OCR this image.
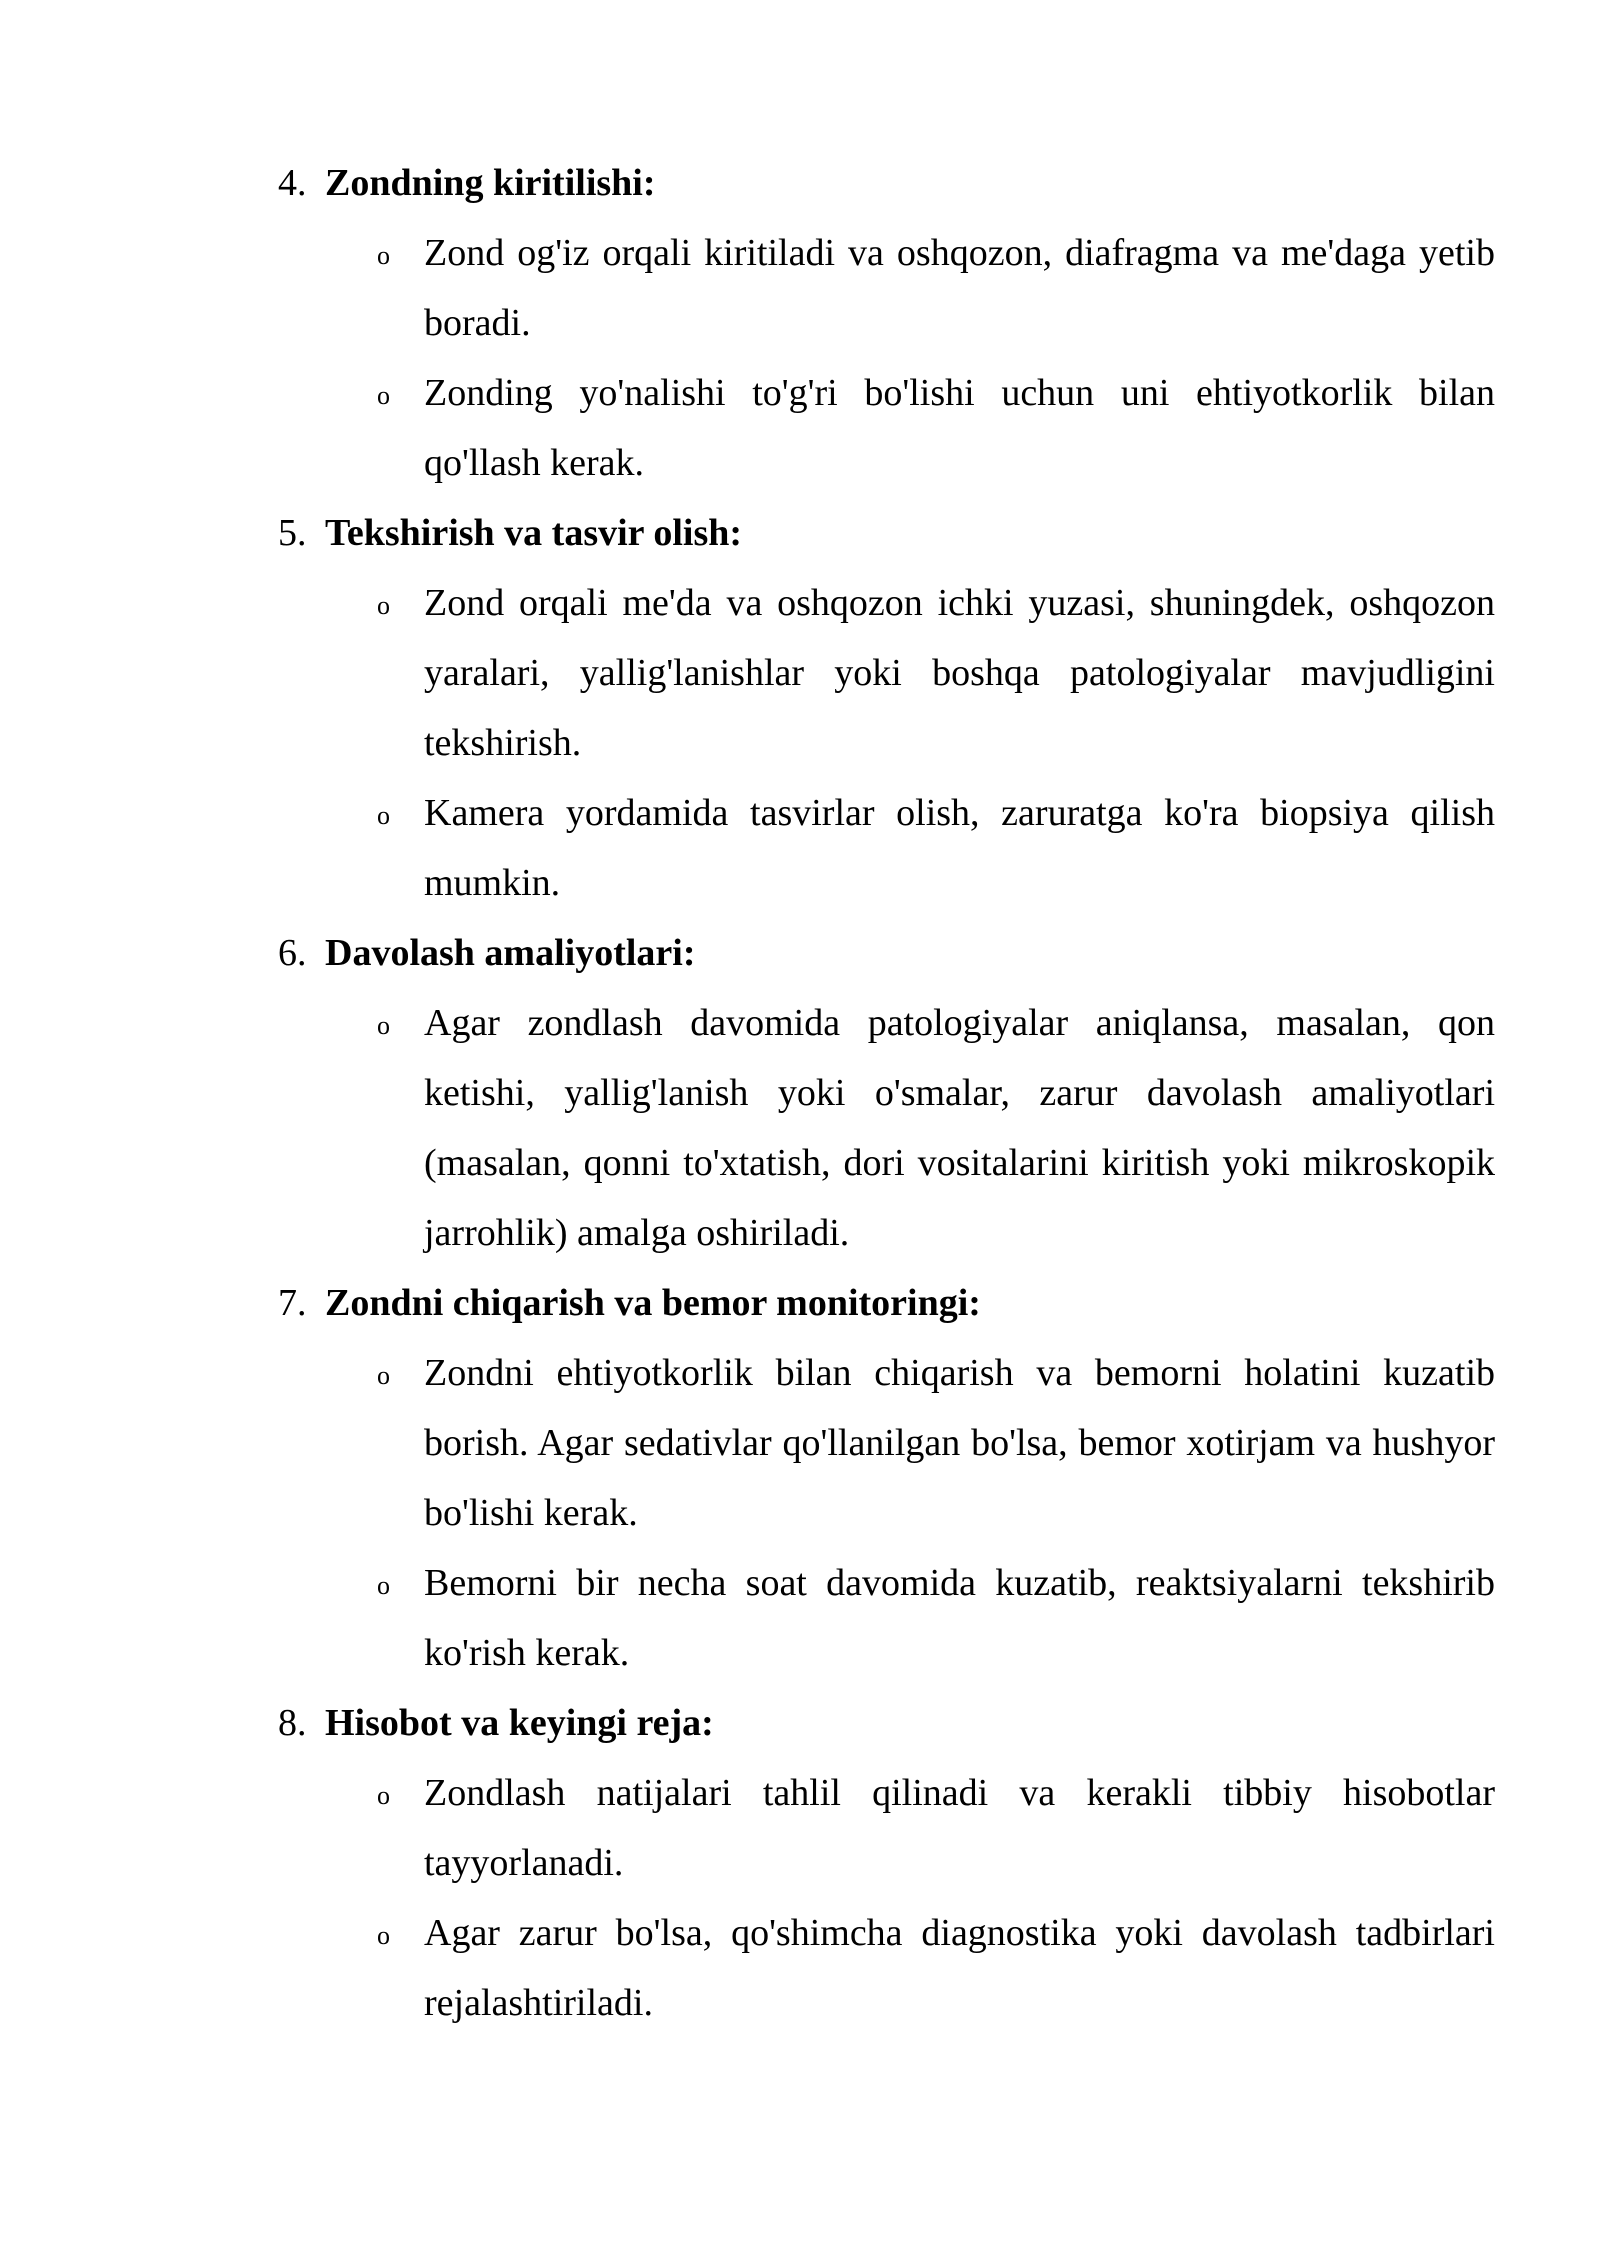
4. Zondning kiritilishi:
o Zond og'iz orqali kiritiladi va oshqozon, diafragma va me'daga yetib boradi.
o Zonding yo'nalishi to'g'ri bo'lishi uchun uni ehtiyotkorlik bilan qo'llash kerak.
5. Tekshirish va tasvir olish:
o Zond orqali me'da va oshqozon ichki yuzasi, shuningdek, oshqozon yaralari, yallig'lanishlar yoki boshqa patologiyalar mavjudligini tekshirish.
o Kamera yordamida tasvirlar olish, zaruratga ko'ra biopsiya qilish mumkin.
6. Davolash amaliyotlari:
o Agar zondlash davomida patologiyalar aniqlansa, masalan, qon ketishi, yallig'lanish yoki o'smalar, zarur davolash amaliyotlari (masalan, qonni to'xtatish, dori vositalarini kiritish yoki mikroskopik jarrohlik) amalga oshiriladi.
7. Zondni chiqarish va bemor monitoringi:
o Zondni ehtiyotkorlik bilan chiqarish va bemorni holatini kuzatib borish. Agar sedativlar qo'llanilgan bo'lsa, bemor xotirjam va hushyor bo'lishi kerak.
o Bemorni bir necha soat davomida kuzatib, reaktsiyalarni tekshirib ko'rish kerak.
8. Hisobot va keyingi reja:
o Zondlash natijalari tahlil qilinadi va kerakli tibbiy hisobotlar tayyorlanadi.
o Agar zarur bo'lsa, qo'shimcha diagnostika yoki davolash tadbirlari rejalashtiriladi.
